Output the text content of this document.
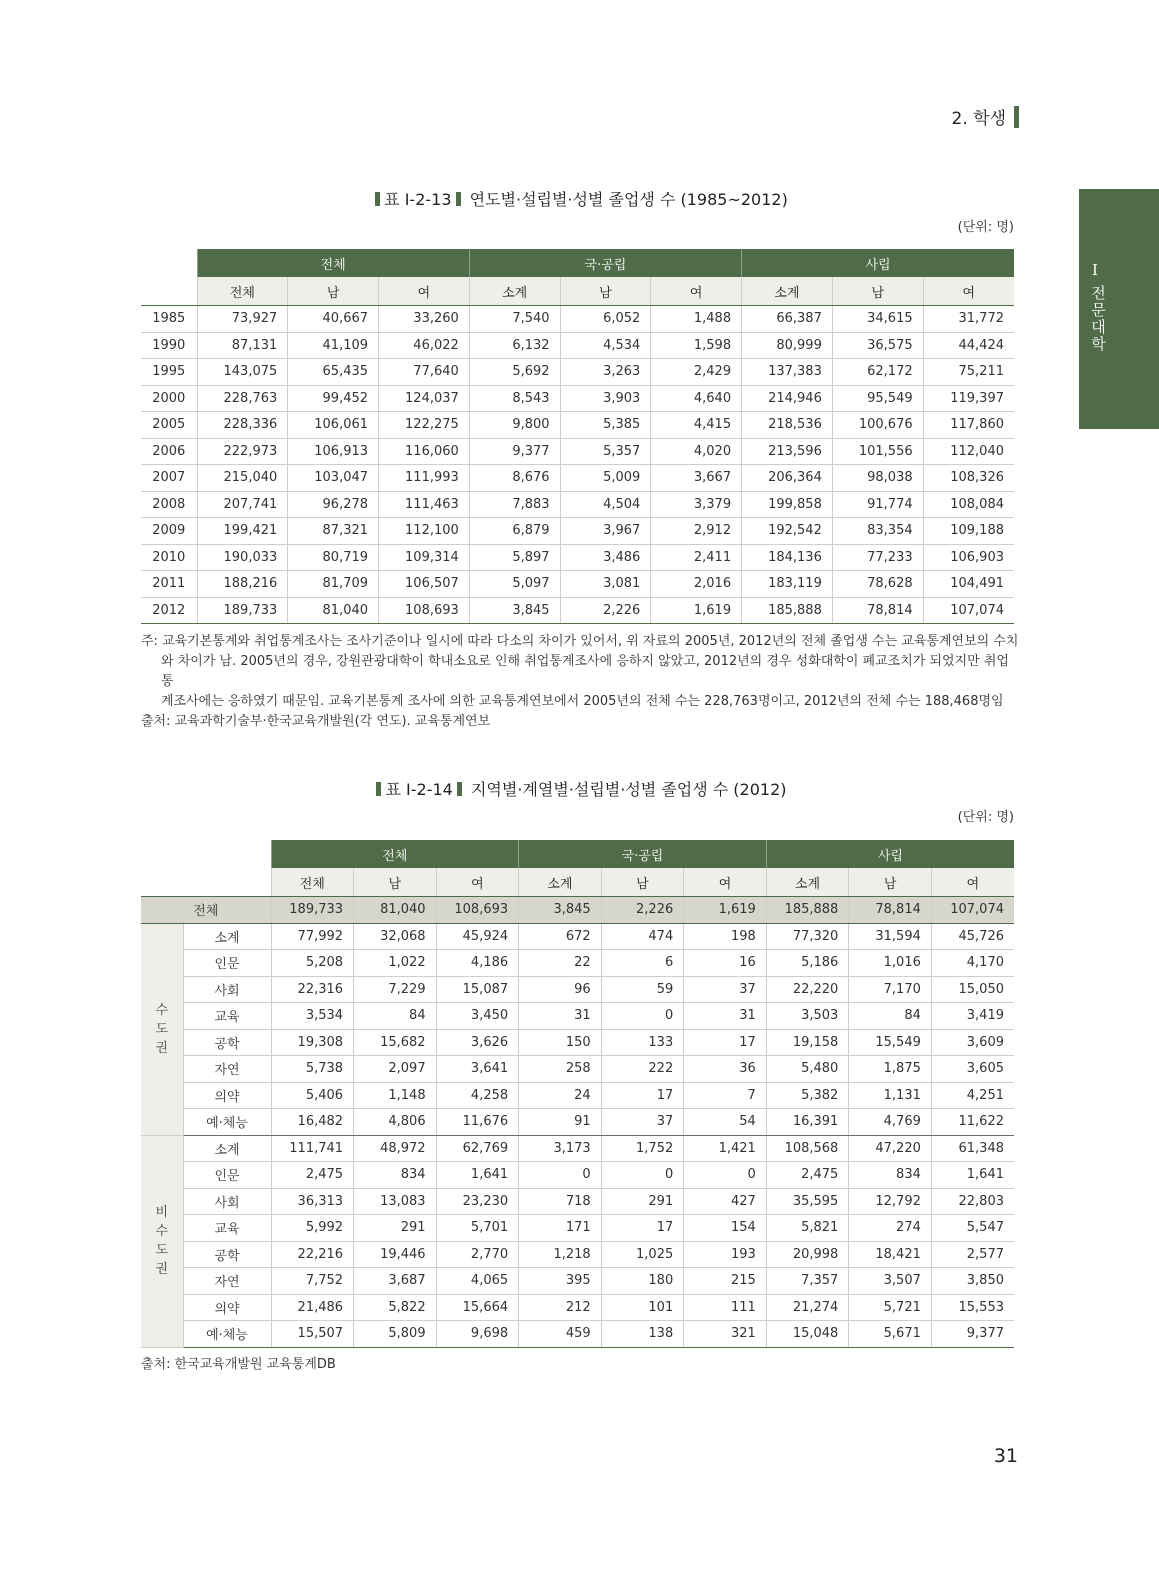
2. 학생
I
전문대학
표 Ⅰ-2-13 연도별·설립별·성별 졸업생 수 (1985~2012)
(단위: 명)
	전체			국·공립			사립		
	전체	남	여	소계	남	여	소계	남	여
1985	73,927	40,667	33,260	7,540	6,052	1,488	66,387	34,615	31,772
1990	87,131	41,109	46,022	6,132	4,534	1,598	80,999	36,575	44,424
1995	143,075	65,435	77,640	5,692	3,263	2,429	137,383	62,172	75,211
2000	228,763	99,452	124,037	8,543	3,903	4,640	214,946	95,549	119,397
2005	228,336	106,061	122,275	9,800	5,385	4,415	218,536	100,676	117,860
2006	222,973	106,913	116,060	9,377	5,357	4,020	213,596	101,556	112,040
2007	215,040	103,047	111,993	8,676	5,009	3,667	206,364	98,038	108,326
2008	207,741	96,278	111,463	7,883	4,504	3,379	199,858	91,774	108,084
2009	199,421	87,321	112,100	6,879	3,967	2,912	192,542	83,354	109,188
2010	190,033	80,719	109,314	5,897	3,486	2,411	184,136	77,233	106,903
2011	188,216	81,709	106,507	5,097	3,081	2,016	183,119	78,628	104,491
2012	189,733	81,040	108,693	3,845	2,226	1,619	185,888	78,814	107,074

주: 교육기본통계와 취업통계조사는 조사기준이나 일시에 따라 다소의 차이가 있어서, 위 자료의 2005년, 2012년의 전체 졸업생 수는 교육통계연보의 수치

와 차이가 남. 2005년의 경우, 강원관광대학이 학내소요로 인해 취업통계조사에 응하지 않았고, 2012년의 경우 성화대학이 폐교조치가 되었지만 취업통

계조사에는 응하였기 때문임. 교육기본통계 조사에 의한 교육통계연보에서 2005년의 전체 수는 228,763명이고, 2012년의 전체 수는 188,468명임

출처: 교육과학기술부·한국교육개발원(각 연도). 교육통계연보

표 Ⅰ-2-14 지역별·계열별·설립별·성별 졸업생 수 (2012)
(단위: 명)
		전체			국·공립			사립		
		전체	남	여	소계	남	여	소계	남	여
전체		189,733	81,040	108,693	3,845	2,226	1,619	185,888	78,814	107,074
수도권	소계	77,992	32,068	45,924	672	474	198	77,320	31,594	45,726
	인문	5,208	1,022	4,186	22	6	16	5,186	1,016	4,170
	사회	22,316	7,229	15,087	96	59	37	22,220	7,170	15,050
	교육	3,534	84	3,450	31	0	31	3,503	84	3,419
	공학	19,308	15,682	3,626	150	133	17	19,158	15,549	3,609
	자연	5,738	2,097	3,641	258	222	36	5,480	1,875	3,605
	의약	5,406	1,148	4,258	24	17	7	5,382	1,131	4,251
	예·체능	16,482	4,806	11,676	91	37	54	16,391	4,769	11,622
비수도권	소계	111,741	48,972	62,769	3,173	1,752	1,421	108,568	47,220	61,348
	인문	2,475	834	1,641	0	0	0	2,475	834	1,641
	사회	36,313	13,083	23,230	718	291	427	35,595	12,792	22,803
	교육	5,992	291	5,701	171	17	154	5,821	274	5,547
	공학	22,216	19,446	2,770	1,218	1,025	193	20,998	18,421	2,577
	자연	7,752	3,687	4,065	395	180	215	7,357	3,507	3,850
	의약	21,486	5,822	15,664	212	101	111	21,274	5,721	15,553
	예·체능	15,507	5,809	9,698	459	138	321	15,048	5,671	9,377
출처: 한국교육개발원 교육통계DB
31
